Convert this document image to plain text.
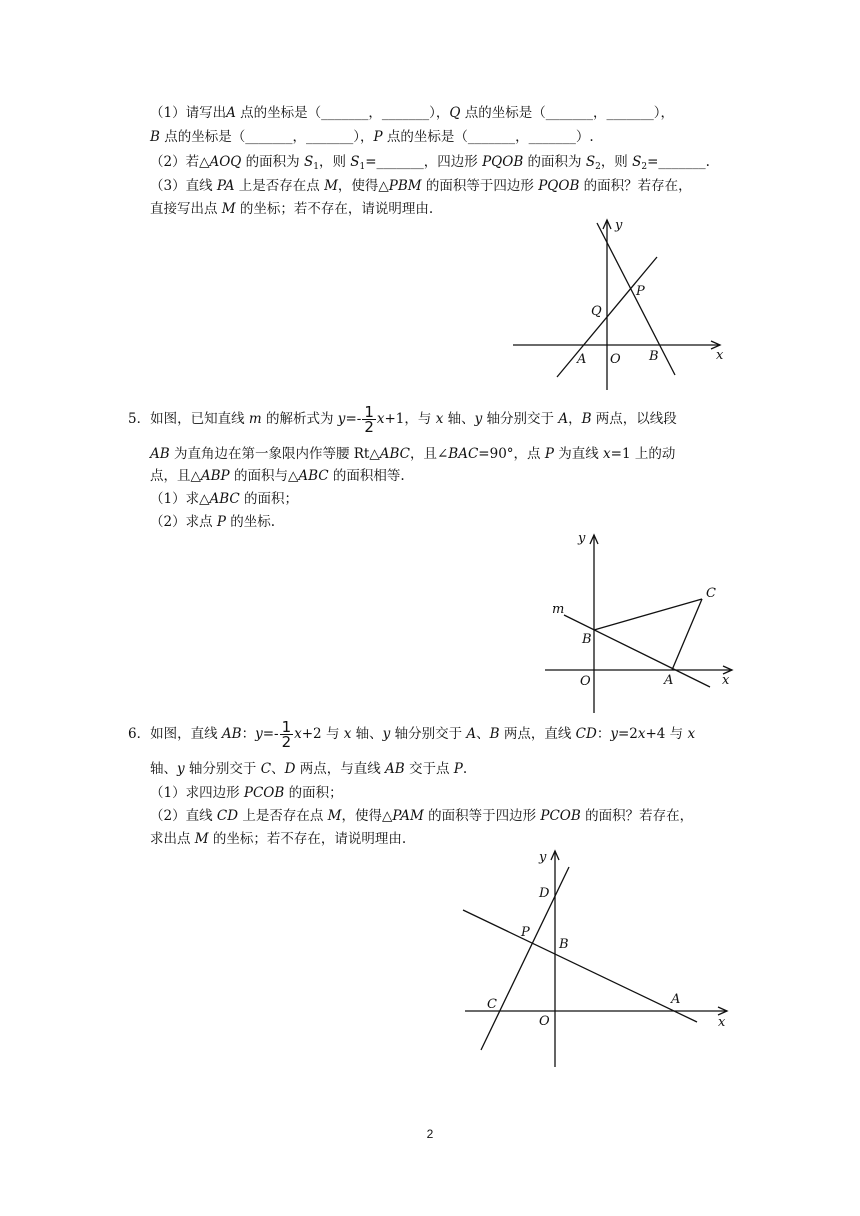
（1）请写出A 点的坐标是（_______，_______），Q 点的坐标是（_______，_______），
B 点的坐标是（_______，_______），P 点的坐标是（_______，_______）.
（2）若△AOQ 的面积为 $S_1$，则 $S_1=\_\_\_\_\_\_\_$，四边形 PQOB 的面积为 $S_2$，则 $S_2=\_\_\_\_\_\_\_$.
（3）直线 PA 上是否存在点 M，使得△PBM 的面积等于四边形 PQOB 的面积？若存在，
直接写出点 M 的坐标；若不存在，请说明理由.
y
x
P
Q
A O B
5．如图，已知直线 m 的解析式为 $y=- \frac{1}{2} x+1$，与 x 轴、y 轴分别交于 A，B 两点，以线段
AB 为直角边在第一象限内作等腰 Rt△ABC，且∠BAC=90°，点 P 为直线 x=1 上的动
点，且△ABP 的面积与△ABC 的面积相等.
（1）求△ABC 的面积；
（2）求点 P 的坐标.
y
x
m
B
C
O	A
6．如图，直线 AB：$y=- \frac{1}{2} x+2$ 与 x 轴、y 轴分别交于 A、B 两点，直线 CD：y=2x+4 与 x
轴、y 轴分别交于 C、D 两点，与直线 AB 交于点 P.
（1）求四边形 PCOB 的面积；
（2）直线 CD 上是否存在点 M，使得△PAM 的面积等于四边形 PCOB 的面积？若存在，
求出点 M 的坐标；若不存在，请说明理由.
y
x
D
P
B
C	A
O
2
